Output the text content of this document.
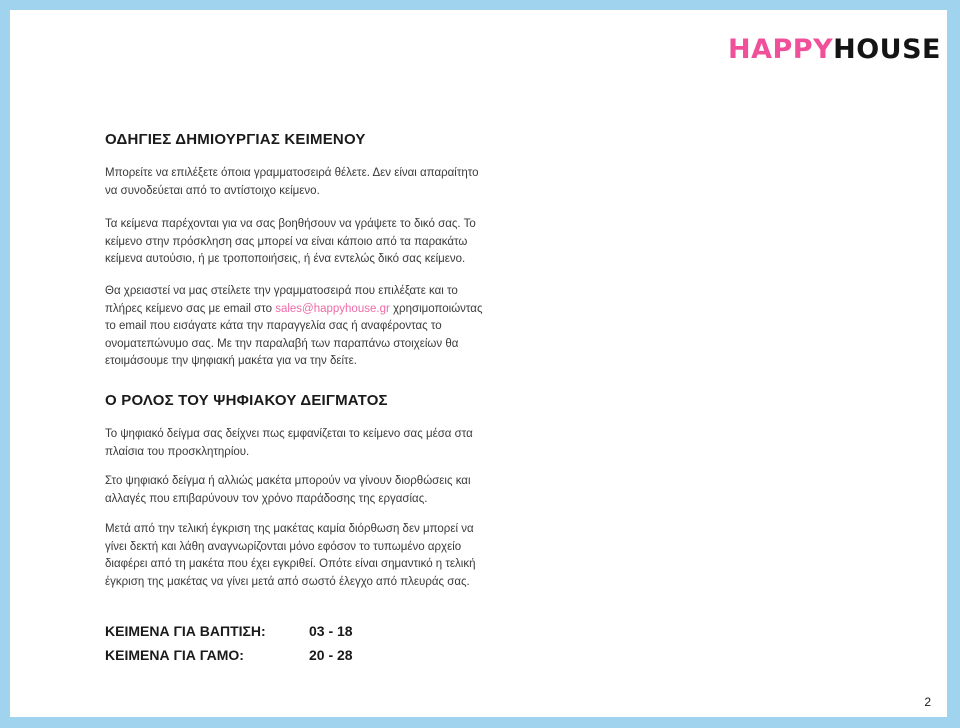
HAPPYHOUSE
ΟΔΗΓΙΕΣ ΔΗΜΙΟΥΡΓΙΑΣ ΚΕΙΜΕΝΟΥ

Μπορείτε να επιλέξετε όποια γραμματοσειρά θέλετε. Δεν είναι απαραίτητο
να συνοδεύεται από το αντίστοιχο κείμενο.

Τα κείμενα παρέχονται για να σας βοηθήσουν να γράψετε το δικό σας. Το
κείμενο στην πρόσκληση σας μπορεί να είναι κάποιο από τα παρακάτω
κείμενα αυτούσιο, ή με τροποποιήσεις, ή ένα εντελώς δικό σας κείμενο.

Θα χρειαστεί να μας στείλετε την γραμματοσειρά που επιλέξατε και το
πλήρες κείμενο σας με email στο sales@happyhouse.gr χρησιμοποιώντας
το email που εισάγατε κάτα την παραγγελία σας ή αναφέροντας το
ονοματεπώνυμο σας. Με την παραλαβή των παραπάνω στοιχείων θα
ετοιμάσουμε την ψηφιακή μακέτα για να την δείτε.

Ο ΡΟΛΟΣ ΤΟΥ ΨΗΦΙΑΚΟΥ ΔΕΙΓΜΑΤΟΣ

Το ψηφιακό δείγμα σας δείχνει πως εμφανίζεται το κείμενο σας μέσα στα
πλαίσια του προσκλητηρίου.

Στο ψηφιακό δείγμα ή αλλιώς μακέτα μπορούν να γίνουν διορθώσεις και
αλλαγές που επιβαρύνουν τον χρόνο παράδοσης της εργασίας.

Μετά από την τελική έγκριση της μακέτας καμία διόρθωση δεν μπορεί να
γίνει δεκτή και λάθη αναγνωρίζονται μόνο εφόσον το τυπωμένο αρχείο
διαφέρει από τη μακέτα που έχει εγκριθεί. Οπότε είναι σημαντικό η τελική
έγκριση της μακέτας να γίνει μετά από σωστό έλεγχο από πλευράς σας.

ΚΕΙΜΕΝΑ ΓΙΑ ΒΑΠΤΙΣΗ:	03 - 18
ΚΕΙΜΕΝΑ ΓΙΑ ΓΑΜΟ:	20 - 28
2
